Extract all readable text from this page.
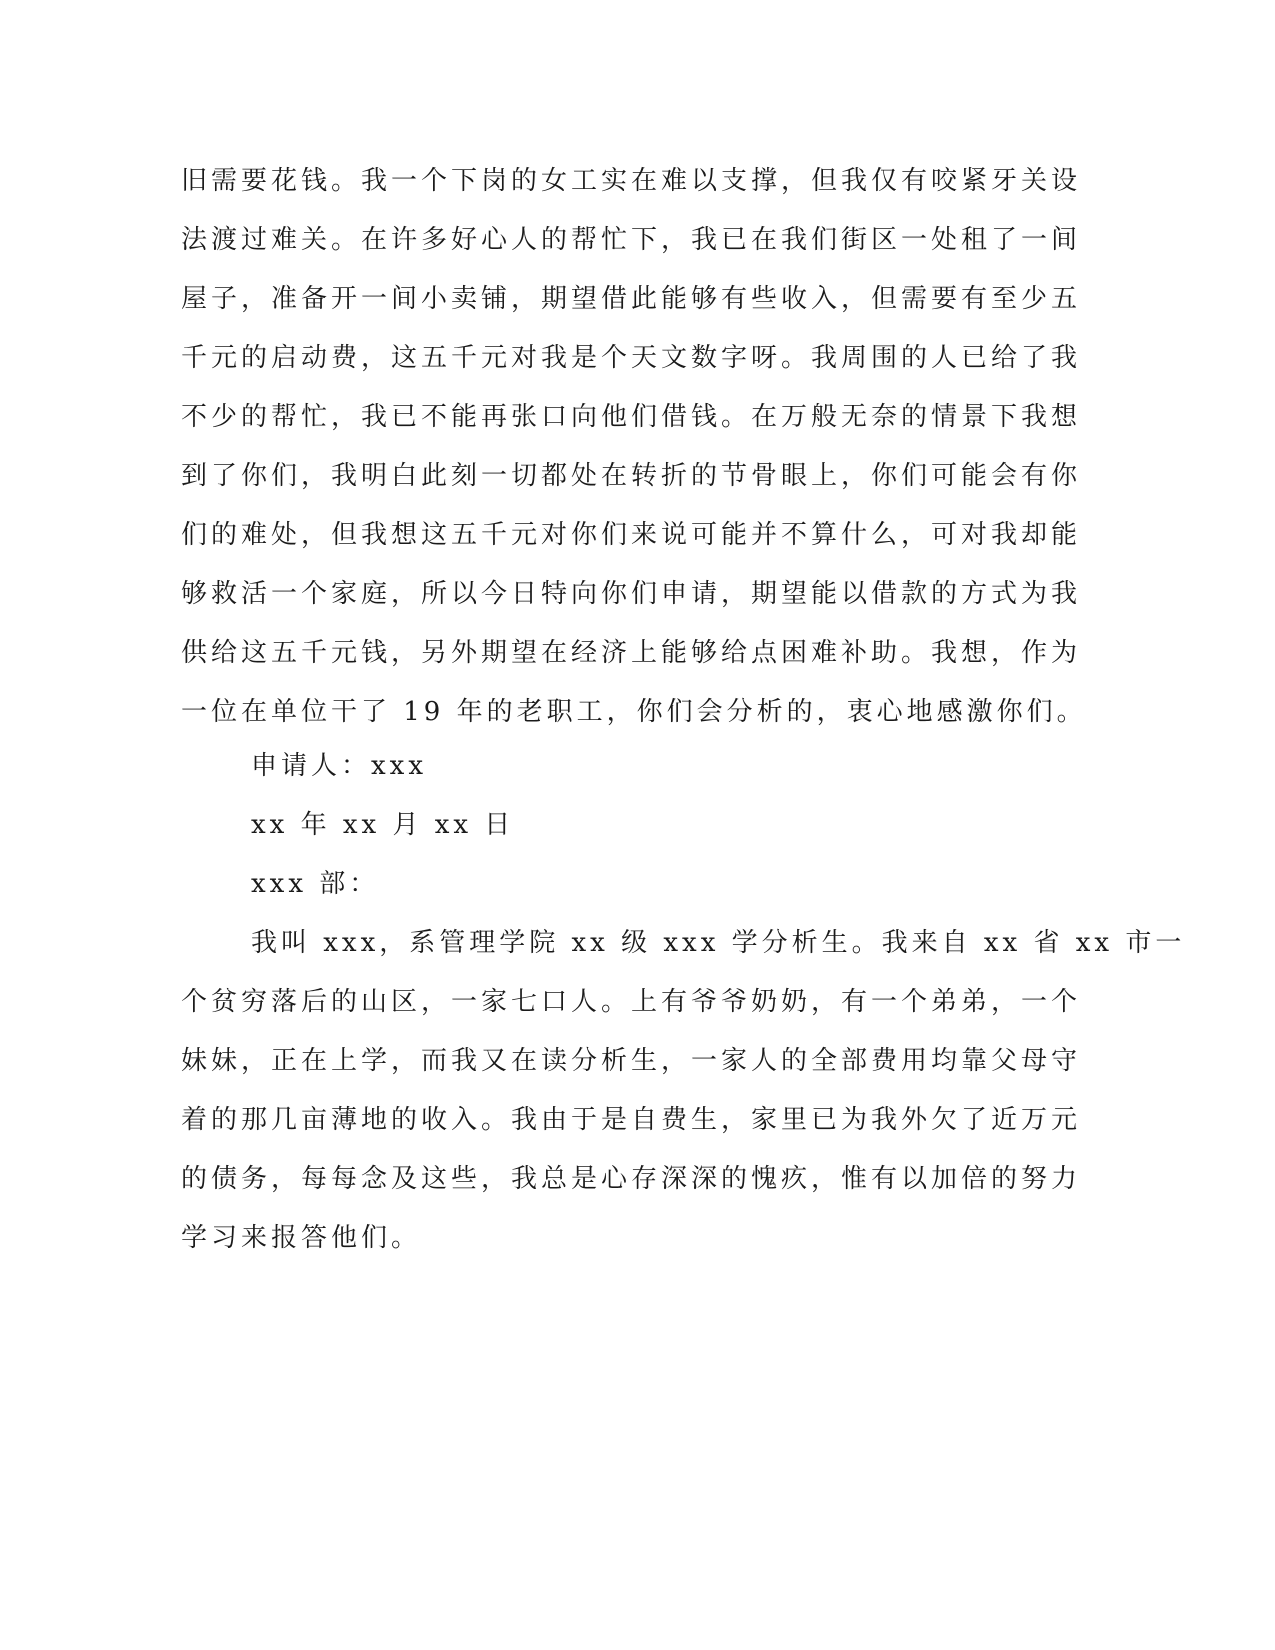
旧需要花钱。我一个下岗的女工实在难以支撑，但我仅有咬紧牙关设
法渡过难关。在许多好心人的帮忙下，我已在我们街区一处租了一间
屋子，准备开一间小卖铺，期望借此能够有些收入，但需要有至少五
千元的启动费，这五千元对我是个天文数字呀。我周围的人已给了我
不少的帮忙，我已不能再张口向他们借钱。在万般无奈的情景下我想
到了你们，我明白此刻一切都处在转折的节骨眼上，你们可能会有你
们的难处，但我想这五千元对你们来说可能并不算什么，可对我却能
够救活一个家庭，所以今日特向你们申请，期望能以借款的方式为我
供给这五千元钱，另外期望在经济上能够给点困难补助。我想，作为
一位在单位干了 19 年的老职工，你们会分析的，衷心地感激你们。
申请人：xxx
xx 年 xx 月 xx 日
xxx 部：
我叫 xxx，系管理学院 xx 级 xxx 学分析生。我来自 xx 省 xx 市一
个贫穷落后的山区，一家七口人。上有爷爷奶奶，有一个弟弟，一个
妹妹，正在上学，而我又在读分析生，一家人的全部费用均靠父母守
着的那几亩薄地的收入。我由于是自费生，家里已为我外欠了近万元
的债务，每每念及这些，我总是心存深深的愧疚，惟有以加倍的努力
学习来报答他们。
